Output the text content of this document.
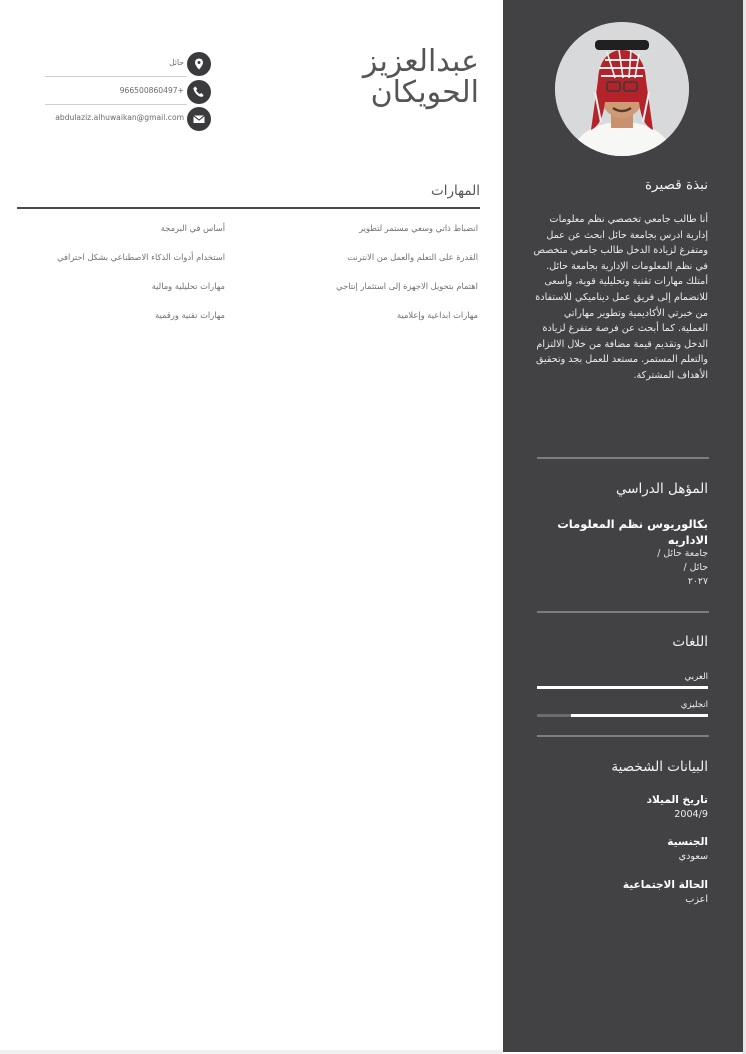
عبدالعزيز
الحويكان
حائل
966500860497+
abdulaziz.alhuwaikan@gmail.com
المهارات
انضباط ذاتي وسعي مستمر لتطوير
القدرة على التعلم والعمل من الانترنت
اهتمام بتحويل الاجهزة إلى استثمار إنتاجي
مهارات ابداعية وإعلامية
أساس في البرمجة
استخدام أدوات الذكاء الاصطناعي بشكل احترافي
مهارات تحليلية ومالية
مهارات تقنية ورقمية
نبذة قصيرة
أنا طالب جامعي تخصصي نظم معلومات إدارية ادرس بجامعة حائل ابحث عن عمل ومتفرغ لزيادة الدخل طالب جامعي متخصص في نظم المعلومات الإدارية بجامعة حائل. أمتلك مهارات تقنية وتحليلية قوية، وأسعى للانضمام إلى فريق عمل ديناميكي للاستفادة من خبرتي الأكاديمية وتطوير مهاراتي العملية. كما أبحث عن فرصة متفرغ لزيادة الدخل وتقديم قيمة مضافة من خلال الالتزام والتعلم المستمر. مستعد للعمل بجد وتحقيق الأهداف المشتركة.
المؤهل الدراسي
بكالوريوس نظم المعلومات الاداريه
جامعة حائل /
حائل /
٢٠٢٧
اللغات
العربي
انجليزي
البيانات الشخصية
تاريخ الميلاد
2004/9
الجنسية
سعودي
الحالة الاجتماعية
اعزب
